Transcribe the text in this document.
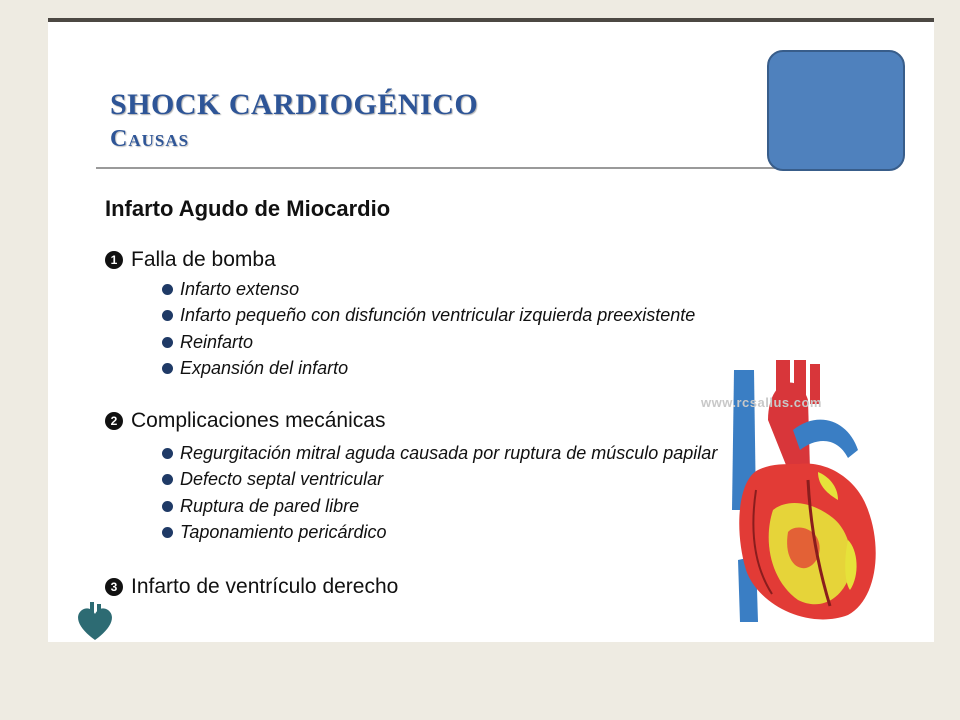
SHOCK CARDIOGÉNICO
Causas
Infarto Agudo de Miocardio
1 Falla de bomba
Infarto extenso
Infarto pequeño con disfunción ventricular izquierda preexistente
Reinfarto
Expansión del infarto
2 Complicaciones mecánicas
Regurgitación mitral aguda causada por ruptura de músculo papilar
Defecto septal ventricular
Ruptura de pared libre
Taponamiento pericárdico
3 Infarto de ventrículo derecho
www.rcsallus.com
